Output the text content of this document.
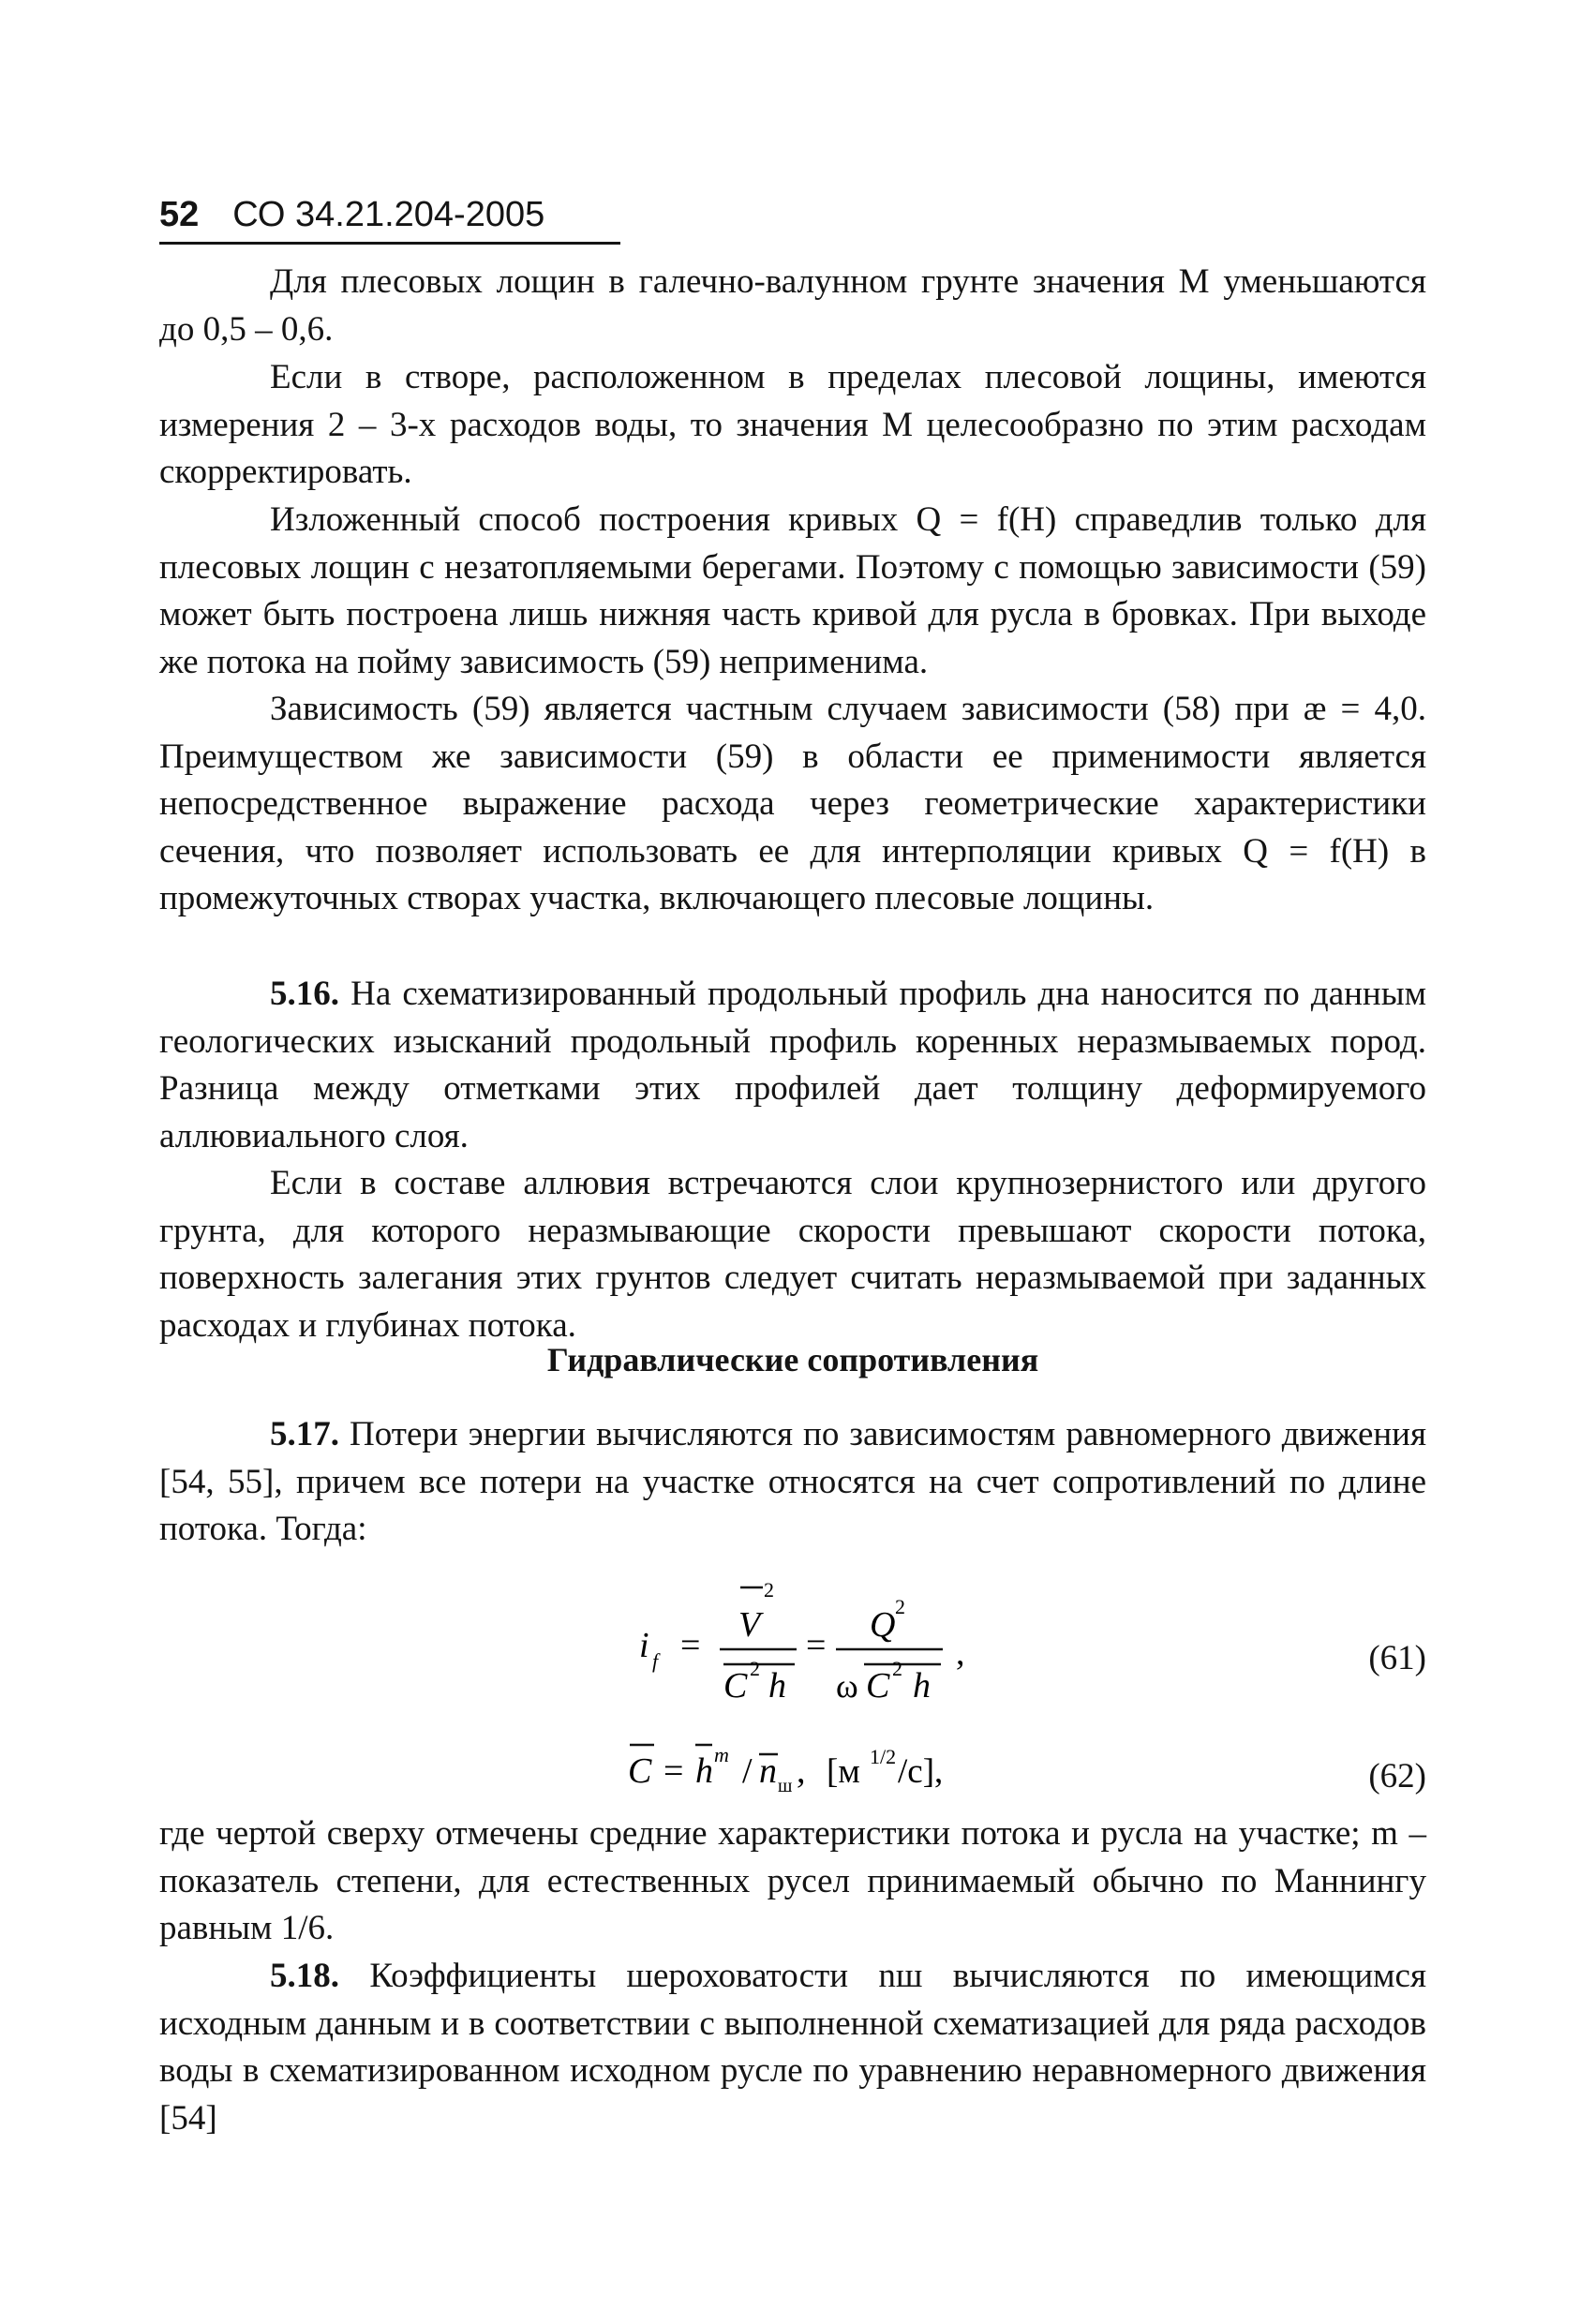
52 СО 34.21.204-2005

Для плесовых лощин в галечно-валунном грунте значения M уменьшаются до 0,5 – 0,6.

Если в створе, расположенном в пределах плесовой лощины, имеются измерения 2 – 3-х расходов воды, то значения M целесообразно по этим расходам скорректировать.

Изложенный способ построения кривых Q = f(H) справедлив только для плесовых лощин с незатопляемыми берегами. Поэтому с помощью зависимости (59) может быть построена лишь нижняя часть кривой для русла в бровках. При выходе же потока на пойму зависимость (59) неприменима.

Зависимость (59) является частным случаем зависимости (58) при æ = 4,0. Преимуществом же зависимости (59) в области ее применимости является непосредственное выражение расхода через геометрические характеристики сечения, что позволяет использовать ее для интерполяции кривых Q = f(H) в промежуточных створах участка, включающего плесовые лощины.

5.16. На схематизированный продольный профиль дна наносится по данным геологических изысканий продольный профиль коренных неразмываемых пород. Разница между отметками этих профилей дает толщину деформируемого аллювиального слоя.

Если в составе аллювия встречаются слои крупнозернистого или другого грунта, для которого неразмывающие скорости превышают скорости потока, поверхность залегания этих грунтов следует считать неразмываемой при заданных расходах и глубинах потока.

Гидравлические сопротивления

5.17. Потери энергии вычисляются по зависимостям равномерного движения [54, 55], причем все потери на участке относятся на счет сопротивлений по длине потока. Тогда:

i f =
V
2
C 2 h
=
Q 2
ω C 2 h
,	(61)
C = h m / n ш , [м 1/2 /с],	(62)

где чертой сверху отмечены средние характеристики потока и русла на участке; m – показатель степени, для естественных русел принимаемый обычно по Маннингу равным 1/6.

5.18. Коэффициенты шероховатости nш вычисляются по имеющимся исходным данным и в соответствии с выполненной схематизацией для ряда расходов воды в схематизированном исходном русле по уравнению неравномерного движения [54]
